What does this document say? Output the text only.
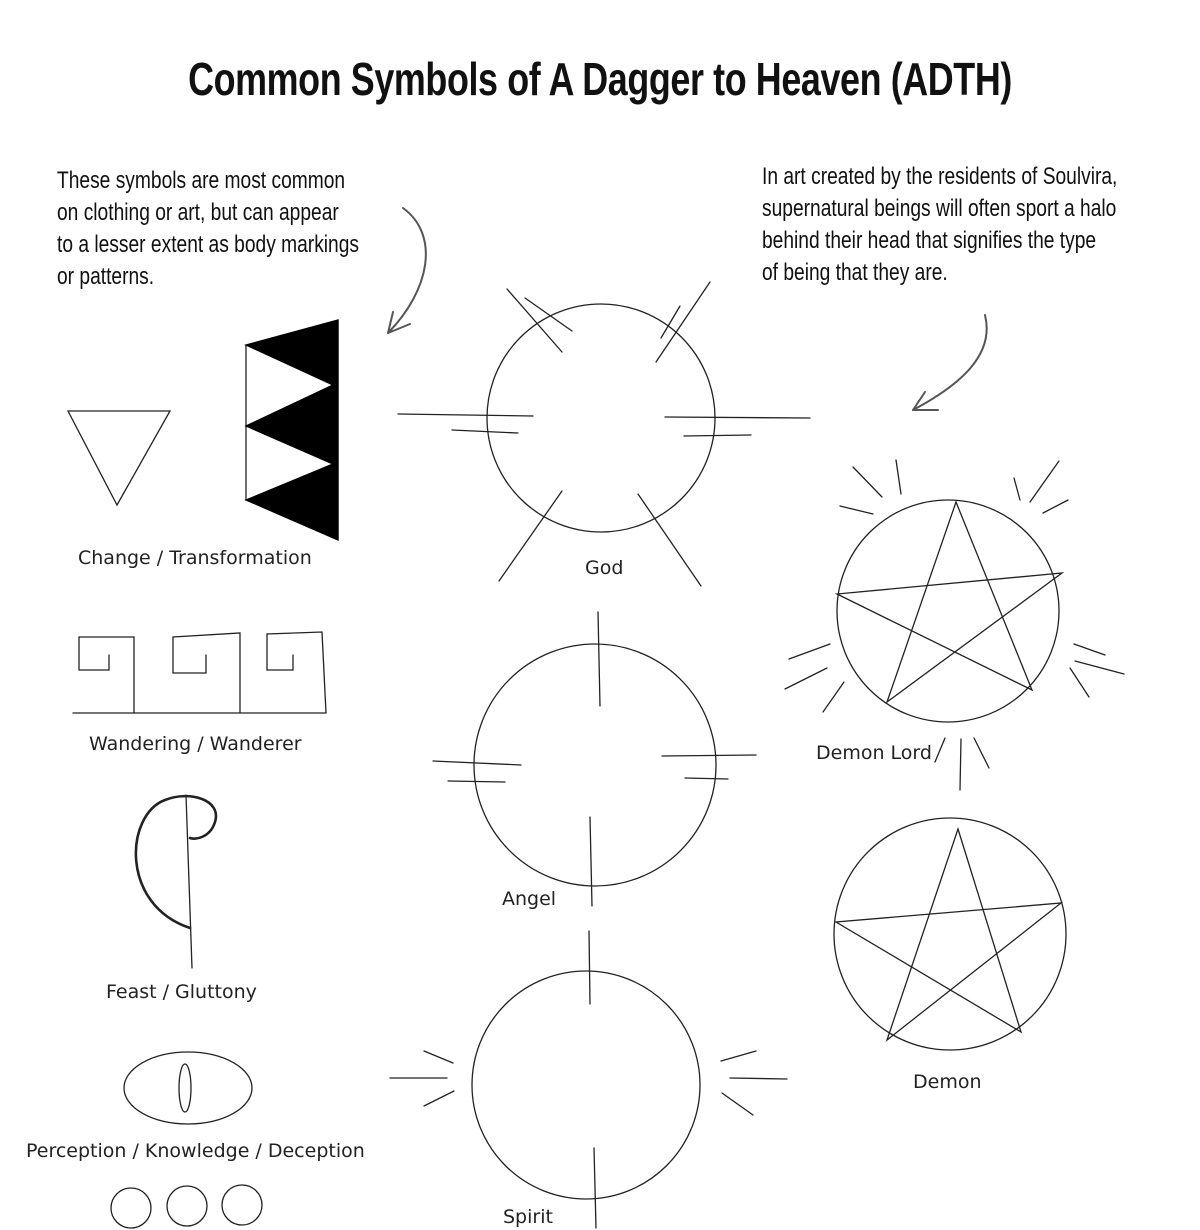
Common Symbols of A Dagger to Heaven (ADTH)
These symbols are most common
on clothing or art, but can appear
to a lesser extent as body markings
or patterns.
In art created by the residents of Soulvira,
supernatural beings will often sport a halo
behind their head that signifies the type
of being that they are.
Change / Transformation
Wandering / Wanderer
Feast / Gluttony
Perception / Knowledge / Deception
God
Angel
Spirit
Demon Lord
Demon
